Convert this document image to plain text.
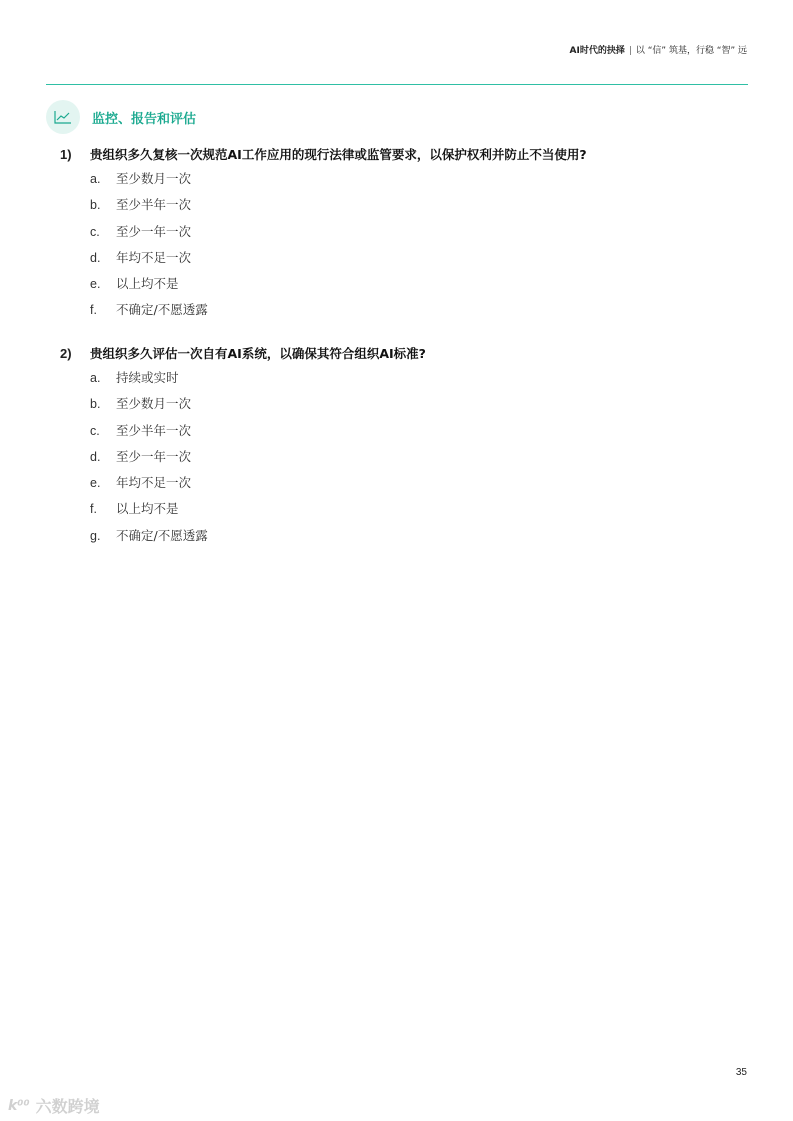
AI时代的抉择 | 以 “信” 筑基，行稳 “智” 远
监控、报告和评估
1)	贵组织多久复核一次规范AI工作应用的现行法律或监管要求，以保护权利并防止不当使用?
a.	至少数月一次
b.	至少半年一次
c.	至少一年一次
d.	年均不足一次
e.	以上均不是
f.	不确定/不愿透露
2)	贵组织多久评估一次自有AI系统，以确保其符合组织AI标准?
a.	持续或实时
b.	至少数月一次
c.	至少半年一次
d.	至少一年一次
e.	年均不足一次
f.	以上均不是
g.	不确定/不愿透露
35
k⁰⁰ 六数跨境
